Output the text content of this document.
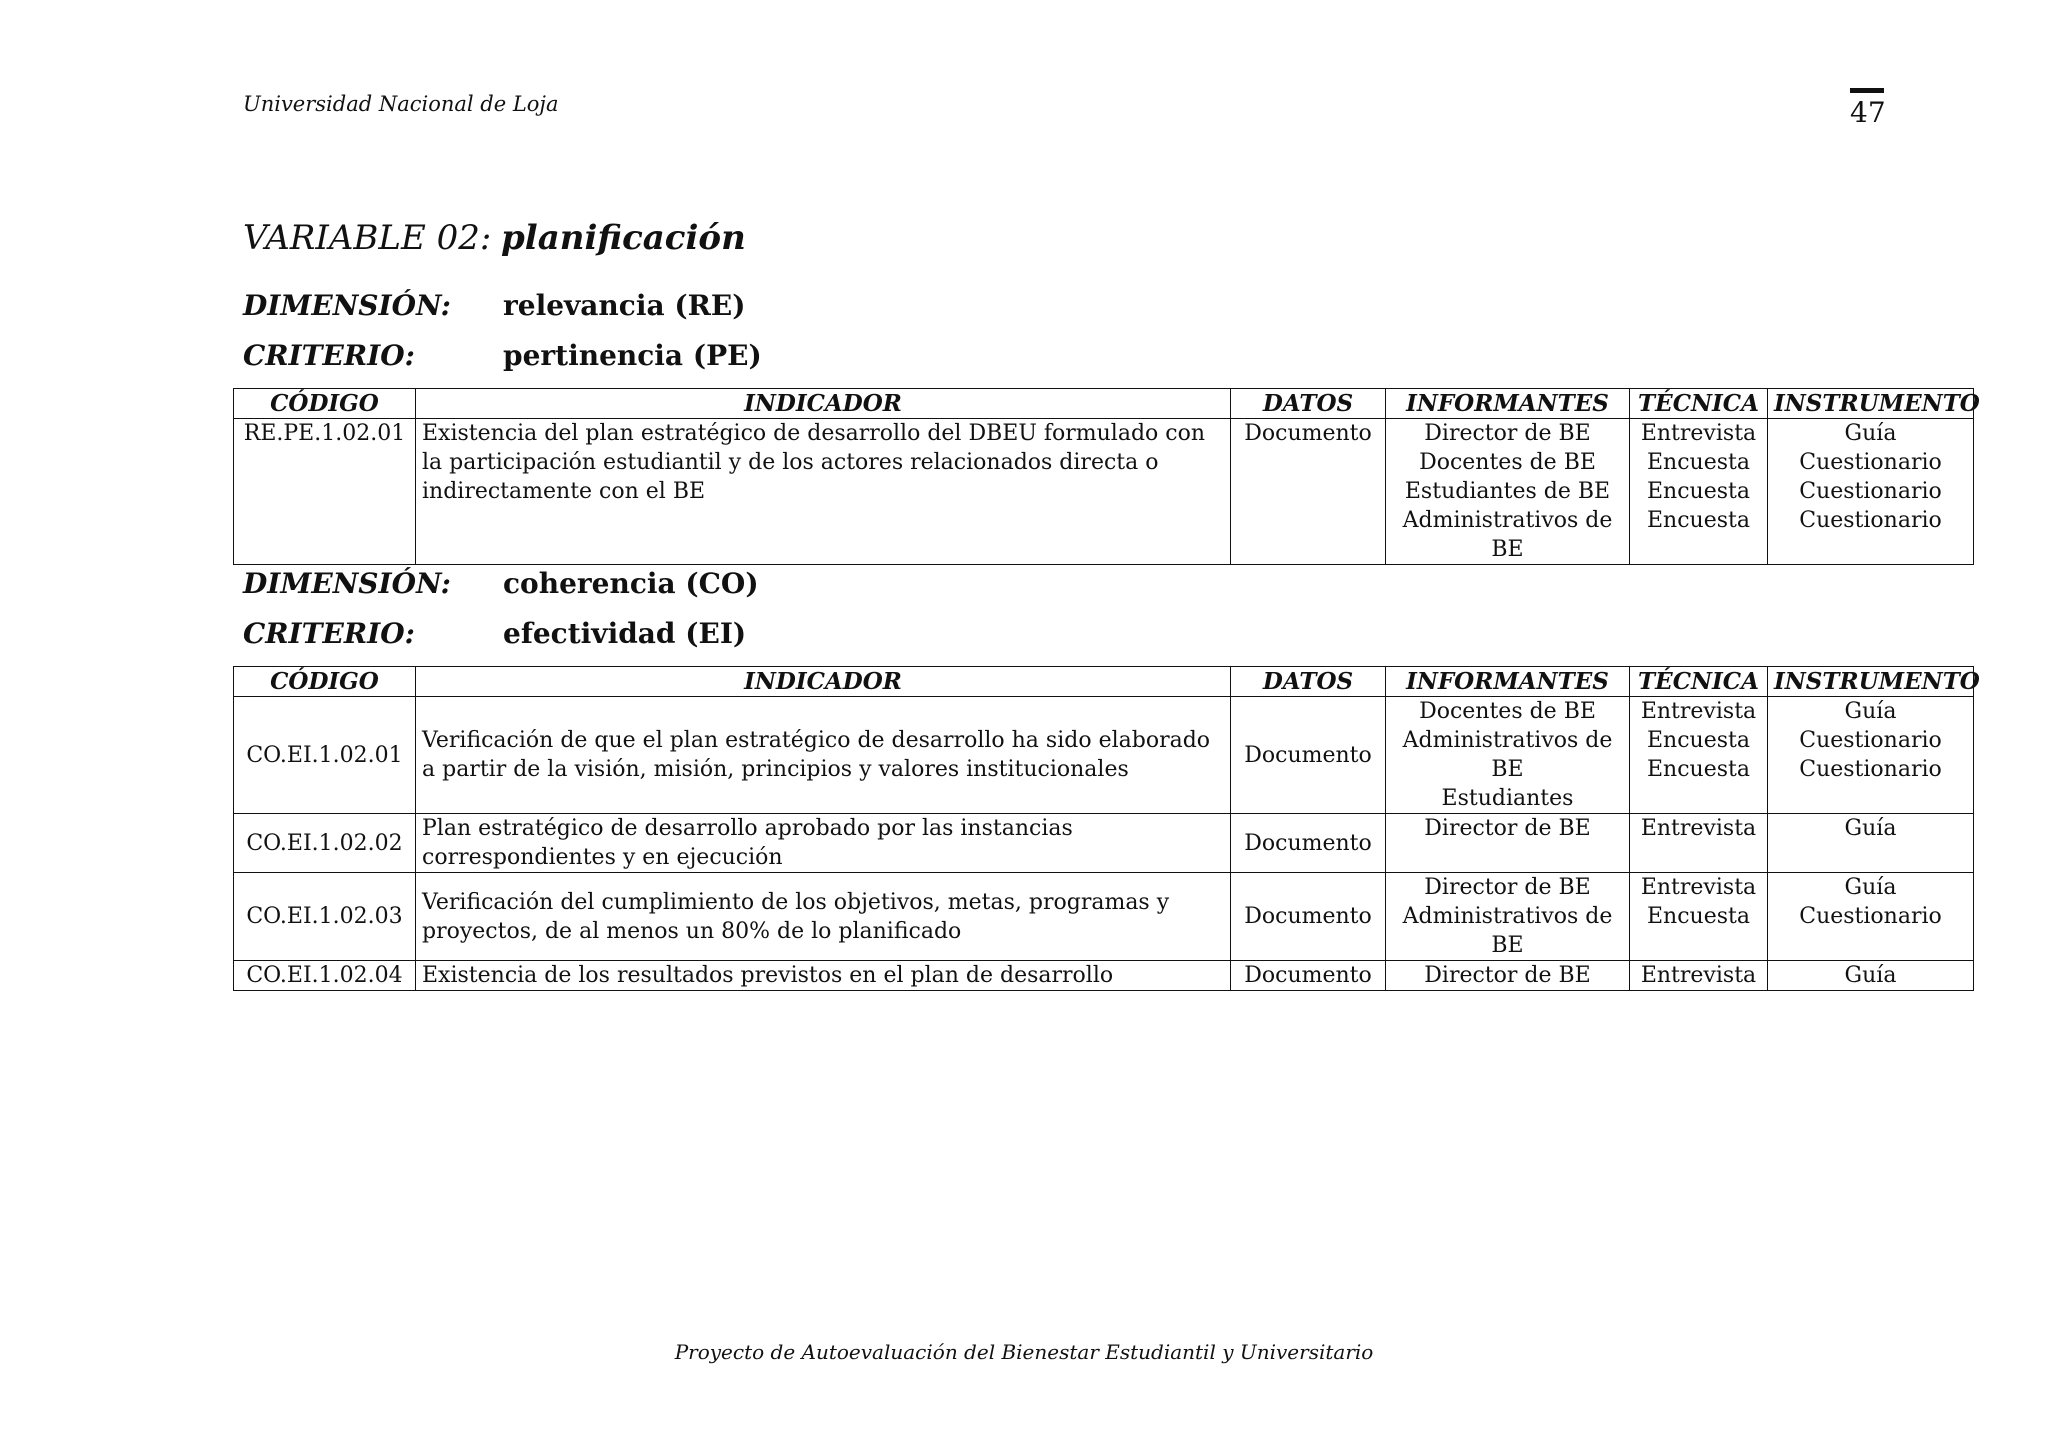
Universidad Nacional de Loja	47
VARIABLE 02: planificación
DIMENSIÓN:	relevancia (RE)
CRITERIO:	pertinencia (PE)
CÓDIGO	INDICADOR	DATOS	INFORMANTES	TÉCNICA	INSTRUMENTO
RE.PE.1.02.01	Existencia del plan estratégico de desarrollo del DBEU formulado con la participación estudiantil y de los actores relacionados directa o indirectamente con el BE	Documento	Director de BE
Docentes de BE
Estudiantes de BE
Administrativos de BE	Entrevista
Encuesta
Encuesta
Encuesta	Guía
Cuestionario
Cuestionario
Cuestionario
DIMENSIÓN:	coherencia (CO)
CRITERIO:	efectividad (EI)
CÓDIGO	INDICADOR	DATOS	INFORMANTES	TÉCNICA	INSTRUMENTO
CO.EI.1.02.01	Verificación de que el plan estratégico de desarrollo ha sido elaborado a partir de la visión, misión, principios y valores institucionales	Documento	Docentes de BE
Administrativos de BE
Estudiantes	Entrevista
Encuesta
Encuesta	Guía
Cuestionario
Cuestionario

CO.EI.1.02.02	Plan estratégico de desarrollo aprobado por las instancias correspondientes y en ejecución	Documento	Director de BE	Entrevista	Guía

CO.EI.1.02.03	Verificación del cumplimiento de los objetivos, metas, programas y proyectos, de al menos un 80% de lo planificado	Documento	Director de BE
Administrativos de BE	Entrevista
Encuesta	Guía
Cuestionario

CO.EI.1.02.04	Existencia de los resultados previstos en el plan de desarrollo	Documento	Director de BE	Entrevista	Guía
Proyecto de Autoevaluación del Bienestar Estudiantil y Universitario
